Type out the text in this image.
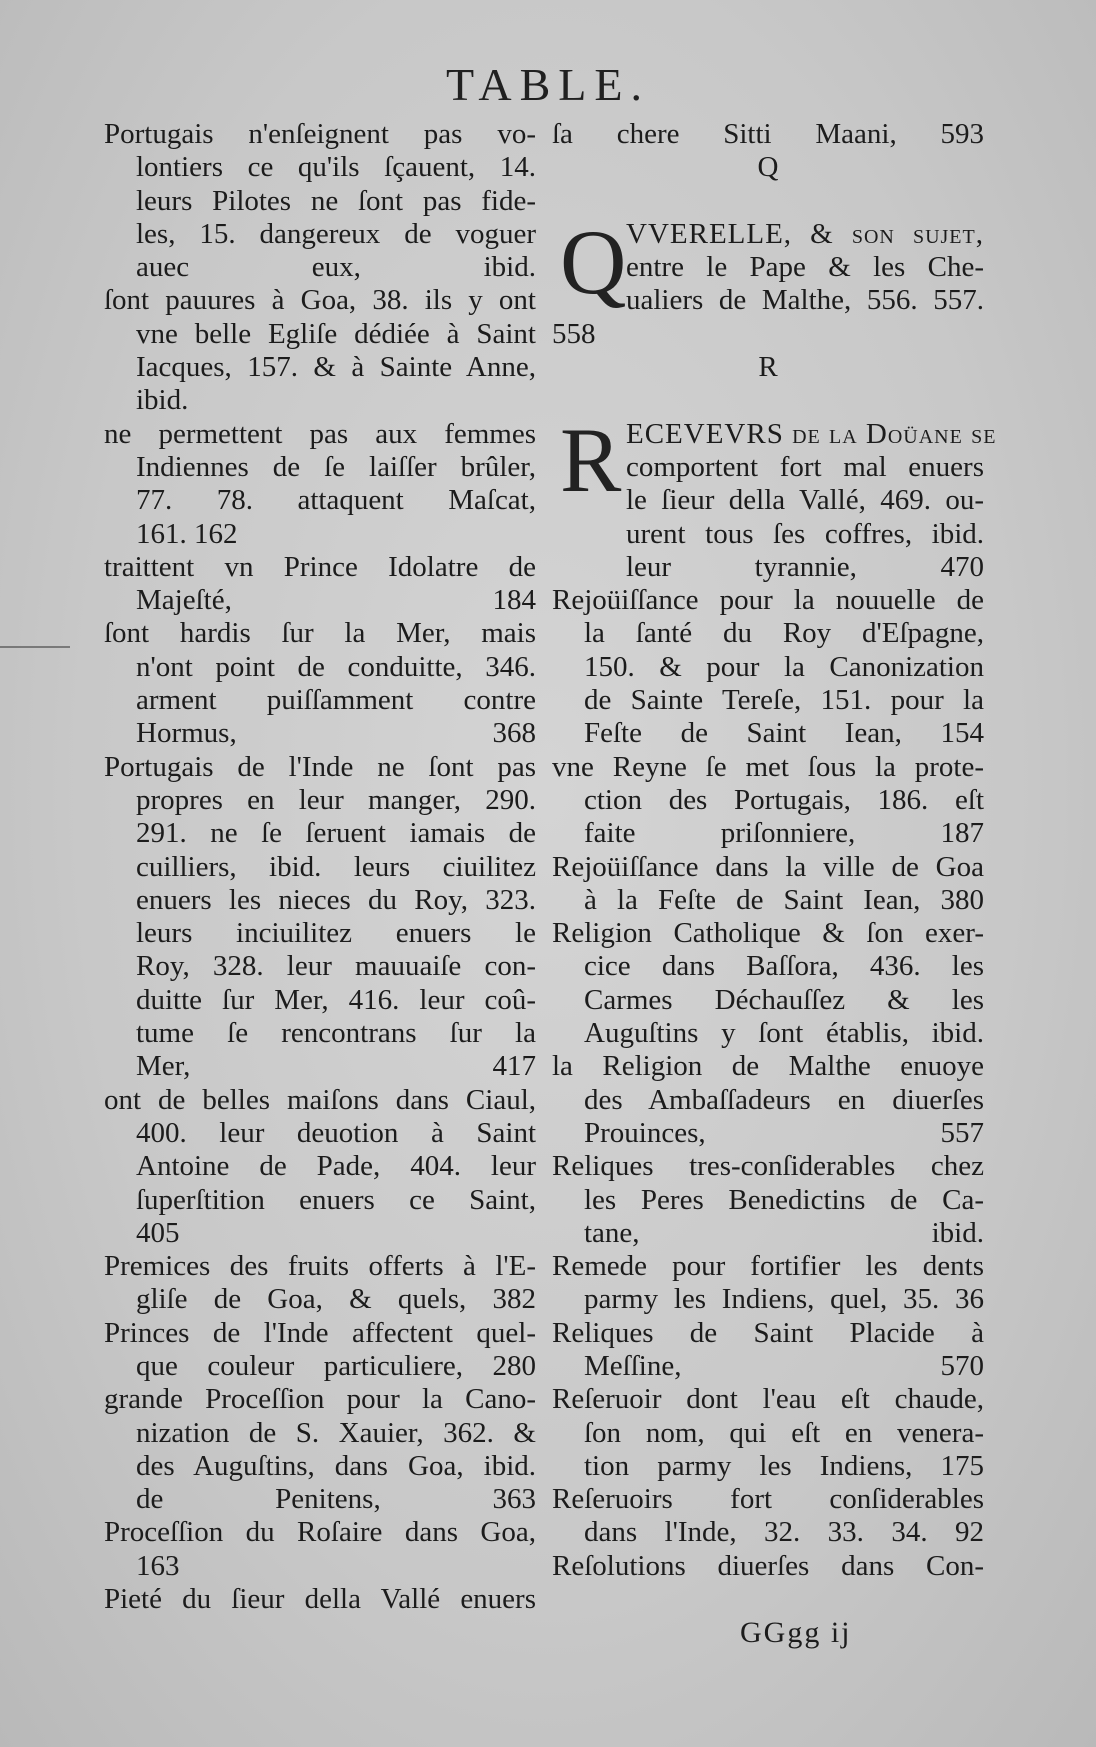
TABLE.
Portugais n'enſeignent pas vo-
lontiers ce qu'ils ſçauent, 14.
leurs Pilotes ne ſont pas fide-
les, 15. dangereux de voguer
auec eux, ibid.
ſont pauures à Goa, 38. ils y ont
vne belle Egliſe dédiée à Saint
Iacques, 157. & à Sainte Anne,
ibid.
ne permettent pas aux femmes
Indiennes de ſe laiſſer brûler,
77. 78. attaquent Maſcat,
161. 162
traittent vn Prince Idolatre de
Majeſté, 184
ſont hardis ſur la Mer, mais
n'ont point de conduitte, 346.
arment puiſſamment contre
Hormus, 368
Portugais de l'Inde ne ſont pas
propres en leur manger, 290.
291. ne ſe ſeruent iamais de
cuilliers, ibid. leurs ciuilitez
enuers les nieces du Roy, 323.
leurs inciuilitez enuers le
Roy, 328. leur mauuaiſe con-
duitte ſur Mer, 416. leur coû-
tume ſe rencontrans ſur la
Mer, 417
ont de belles maiſons dans Ciaul,
400. leur deuotion à Saint
Antoine de Pade, 404. leur
ſuperſtition enuers ce Saint,
405
Premices des fruits offerts à l'E-
gliſe de Goa, & quels, 382
Princes de l'Inde affectent quel-
que couleur particuliere, 280
grande Proceſſion pour la Cano-
nization de S. Xauier, 362. &
des Auguſtins, dans Goa, ibid.
de Penitens, 363
Proceſſion du Roſaire dans Goa,
163
Pieté du ſieur della Vallé enuers
ſa chere Sitti Maani, 593
Q
VVERELLE, & ſon ſujet,
entre le Pape & les Che-
ualiers de Malthe, 556. 557.
558
R
ECEVEVRS de la Doüane ſe
comportent fort mal enuers
le ſieur della Vallé, 469. ou-
urent tous ſes coffres, ibid.
leur tyrannie, 470
Rejoüiſſance pour la nouuelle de
la ſanté du Roy d'Eſpagne,
150. & pour la Canonization
de Sainte Tereſe, 151. pour la
Feſte de Saint Iean, 154
vne Reyne ſe met ſous la prote-
ction des Portugais, 186. eſt
faite priſonniere, 187
Rejoüiſſance dans la ville de Goa
à la Feſte de Saint Iean, 380
Religion Catholique & ſon exer-
cice dans Baſſora, 436. les
Carmes Déchauſſez & les
Auguſtins y ſont établis, ibid.
la Religion de Malthe enuoye
des Ambaſſadeurs en diuerſes
Prouinces, 557
Reliques tres-conſiderables chez
les Peres Benedictins de Ca-
tane, ibid.
Remede pour fortifier les dents
parmy les Indiens, quel, 35. 36
Reliques de Saint Placide à
Meſſine, 570
Reſeruoir dont l'eau eſt chaude,
ſon nom, qui eſt en venera-
tion parmy les Indiens, 175
Reſeruoirs fort conſiderables
dans l'Inde, 32. 33. 34. 92
Reſolutions diuerſes dans Con-
Q
R
GGgg ij
